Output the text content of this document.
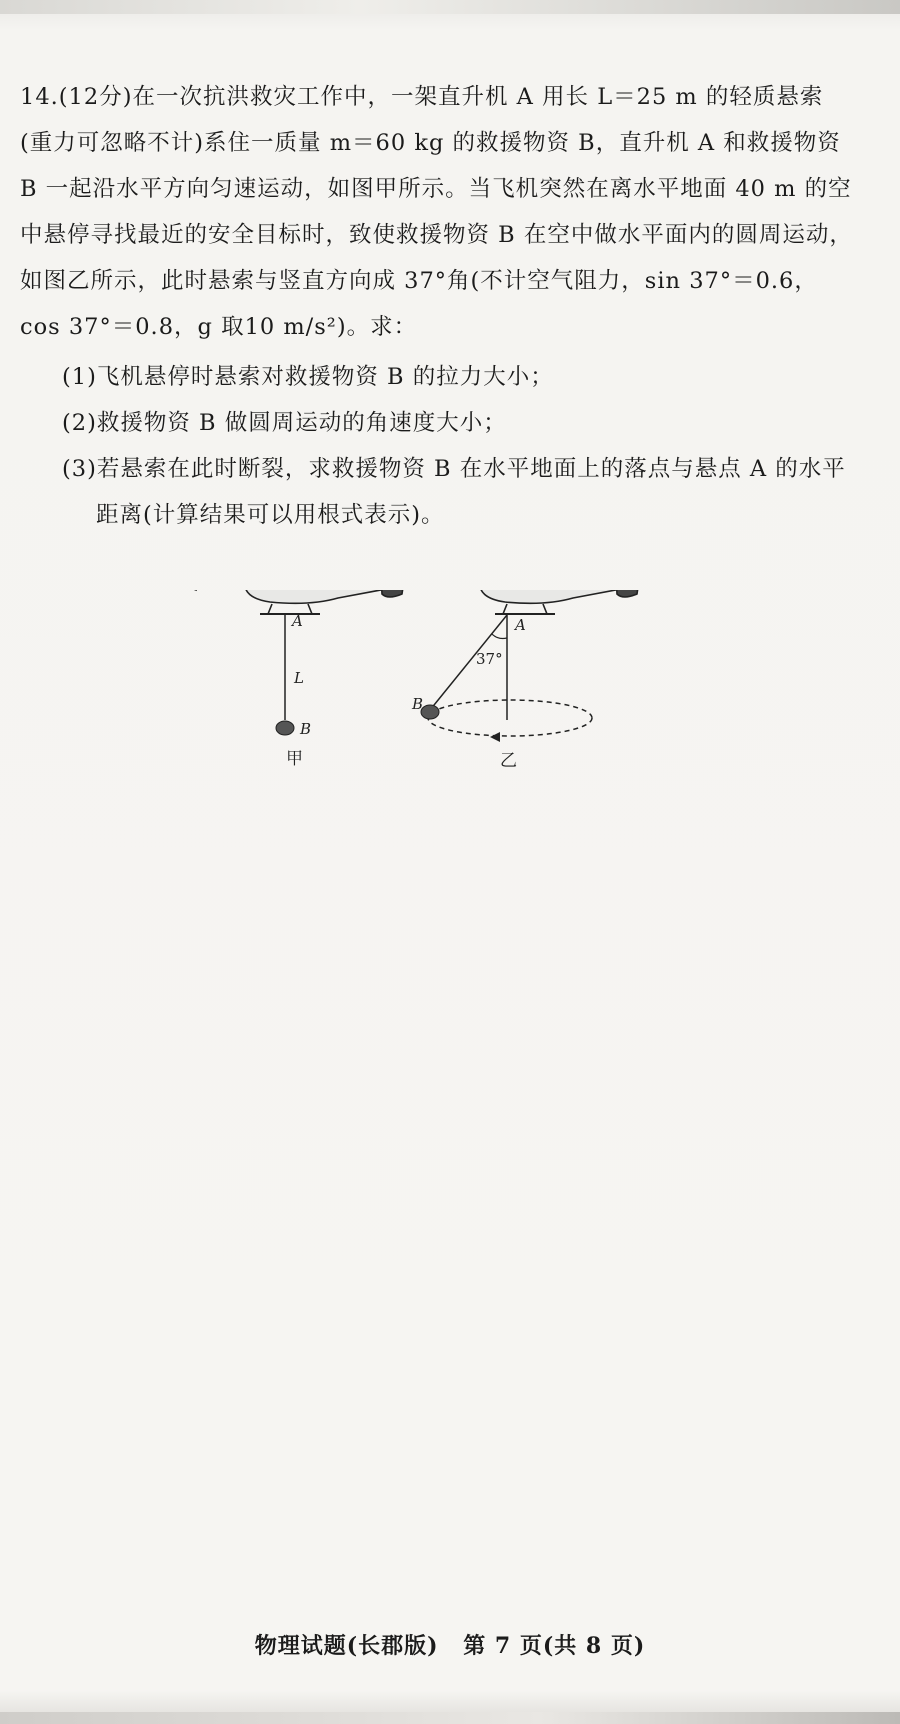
14.(12分)在一次抗洪救灾工作中，一架直升机 A 用长 L＝25 m 的轻质悬索(重力可忽略不计)系住一质量 m＝60 kg 的救援物资 B，直升机 A 和救援物资 B 一起沿水平方向匀速运动，如图甲所示。当飞机突然在离水平地面 40 m 的空中悬停寻找最近的安全目标时，致使救援物资 B 在空中做水平面内的圆周运动，如图乙所示，此时悬索与竖直方向成 37°角(不计空气阻力，sin 37°＝0.6，cos 37°＝0.8，g 取10 m/s²)。求：
(1)飞机悬停时悬索对救援物资 B 的拉力大小；
(2)救援物资 B 做圆周运动的角速度大小；
(3)若悬索在此时断裂，求救援物资 B 在水平地面上的落点与悬点 A 的水平
距离(计算结果可以用根式表示)。
A
L
B
甲
A
37°
B
乙
物理试题(长郡版) 第 7 页(共 8 页)
